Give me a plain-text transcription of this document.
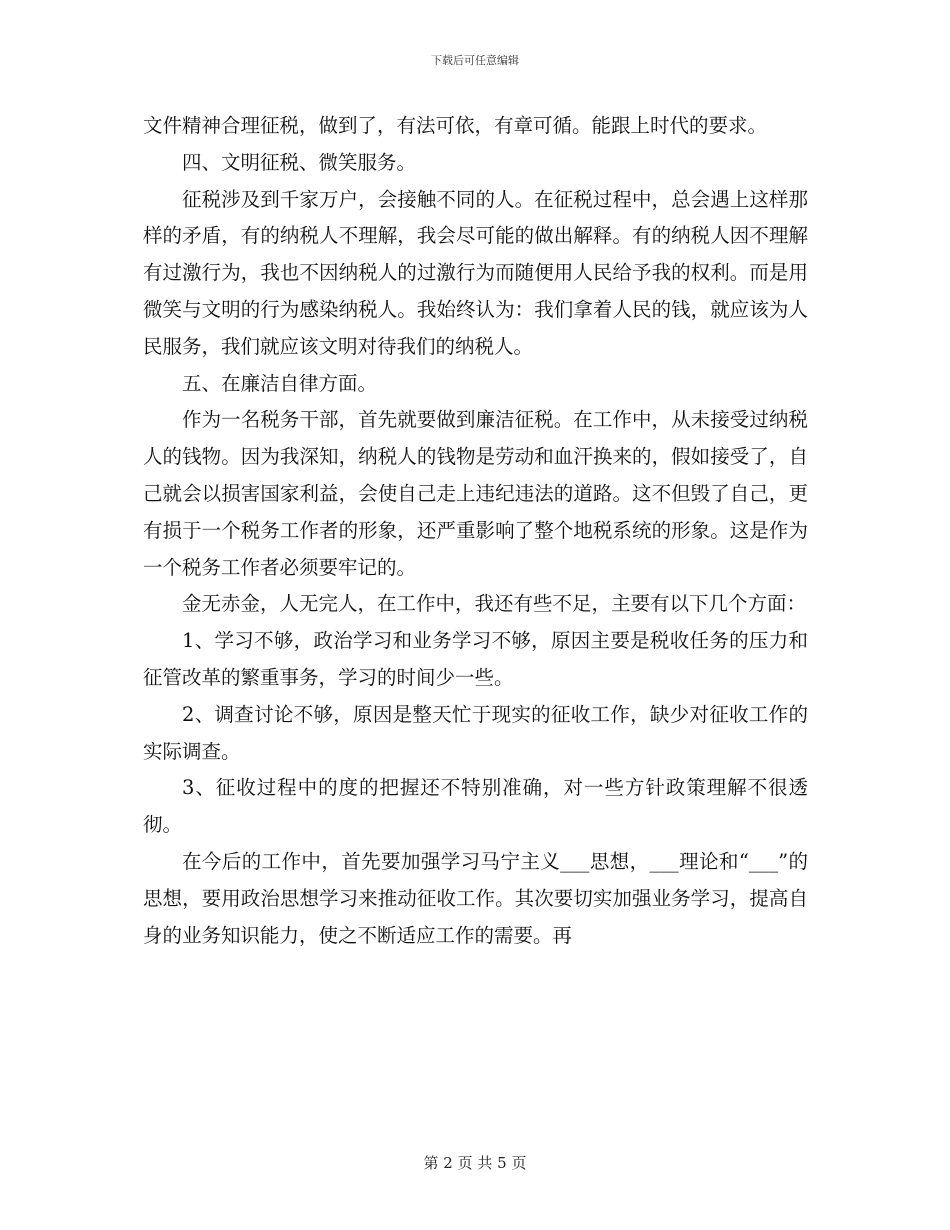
下载后可任意编辑

文件精神合理征税，做到了，有法可依，有章可循。能跟上时代的要求。

四、文明征税、微笑服务。

征税涉及到千家万户，会接触不同的人。在征税过程中，总会遇上这样那样的矛盾，有的纳税人不理解，我会尽可能的做出解释。有的纳税人因不理解有过激行为，我也不因纳税人的过激行为而随便用人民给予我的权利。而是用微笑与文明的行为感染纳税人。我始终认为：我们拿着人民的钱，就应该为人民服务，我们就应该文明对待我们的纳税人。

五、在廉洁自律方面。

作为一名税务干部，首先就要做到廉洁征税。在工作中，从未接受过纳税人的钱物。因为我深知，纳税人的钱物是劳动和血汗换来的，假如接受了，自己就会以损害国家利益，会使自己走上违纪违法的道路。这不但毁了自己，更有损于一个税务工作者的形象，还严重影响了整个地税系统的形象。这是作为一个税务工作者必须要牢记的。

金无赤金，人无完人，在工作中，我还有些不足，主要有以下几个方面：

1、学习不够，政治学习和业务学习不够，原因主要是税收任务的压力和征管改革的繁重事务，学习的时间少一些。

2、调查讨论不够，原因是整天忙于现实的征收工作，缺少对征收工作的实际调查。

3、征收过程中的度的把握还不特别准确，对一些方针政策理解不很透彻。

在今后的工作中，首先要加强学习马宁主义___思想，___理论和“___”的思想，要用政治思想学习来推动征收工作。其次要切实加强业务学习，提高自身的业务知识能力，使之不断适应工作的需要。再

第 2 页 共 5 页
